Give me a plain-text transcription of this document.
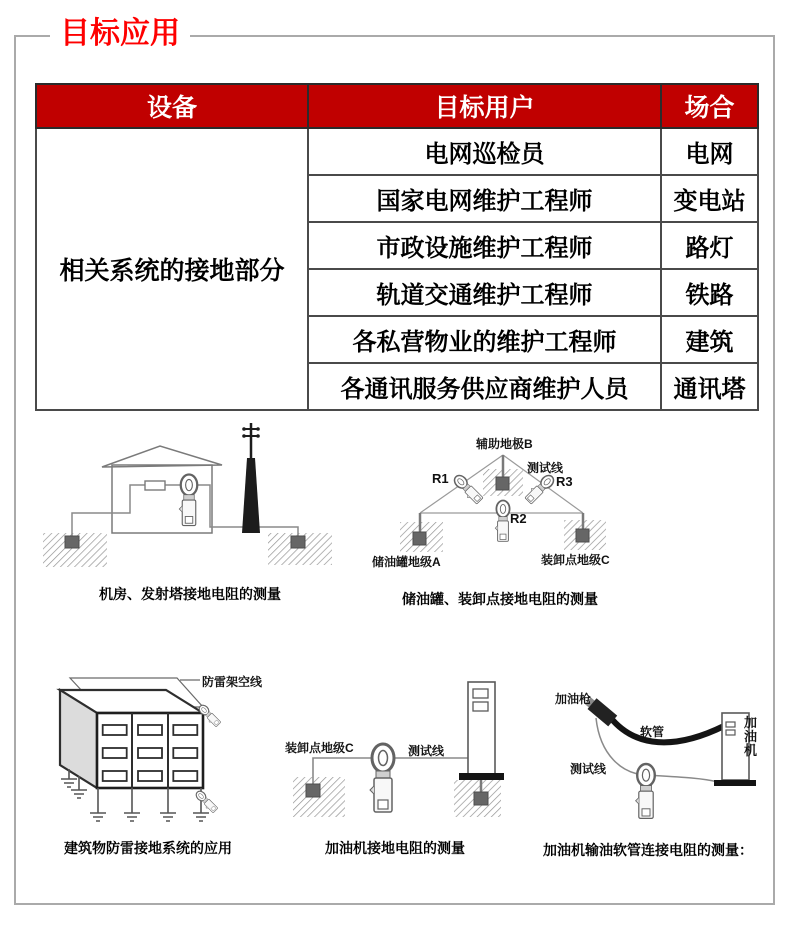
目标应用
设备	目标用户	场合
相关系统的接地部分	电网巡检员	电网
	国家电网维护工程师	变电站
	市政设施维护工程师	路灯
	轨道交通维护工程师	铁路
	各私营物业的维护工程师	建筑
	各通讯服务供应商维护人员	通讯塔
机房、发射塔接地电阻的测量
辅助地极B
测试线
R1	R3
R2
储油罐地级A	装卸点地级C
储油罐、装卸点接地电阻的测量
防雷架空线
建筑物防雷接地系统的应用
装卸点地级C	测试线
加油机接地电阻的测量
加油枪
软管
测试线
加油机
加油机输油软管连接电阻的测量：
